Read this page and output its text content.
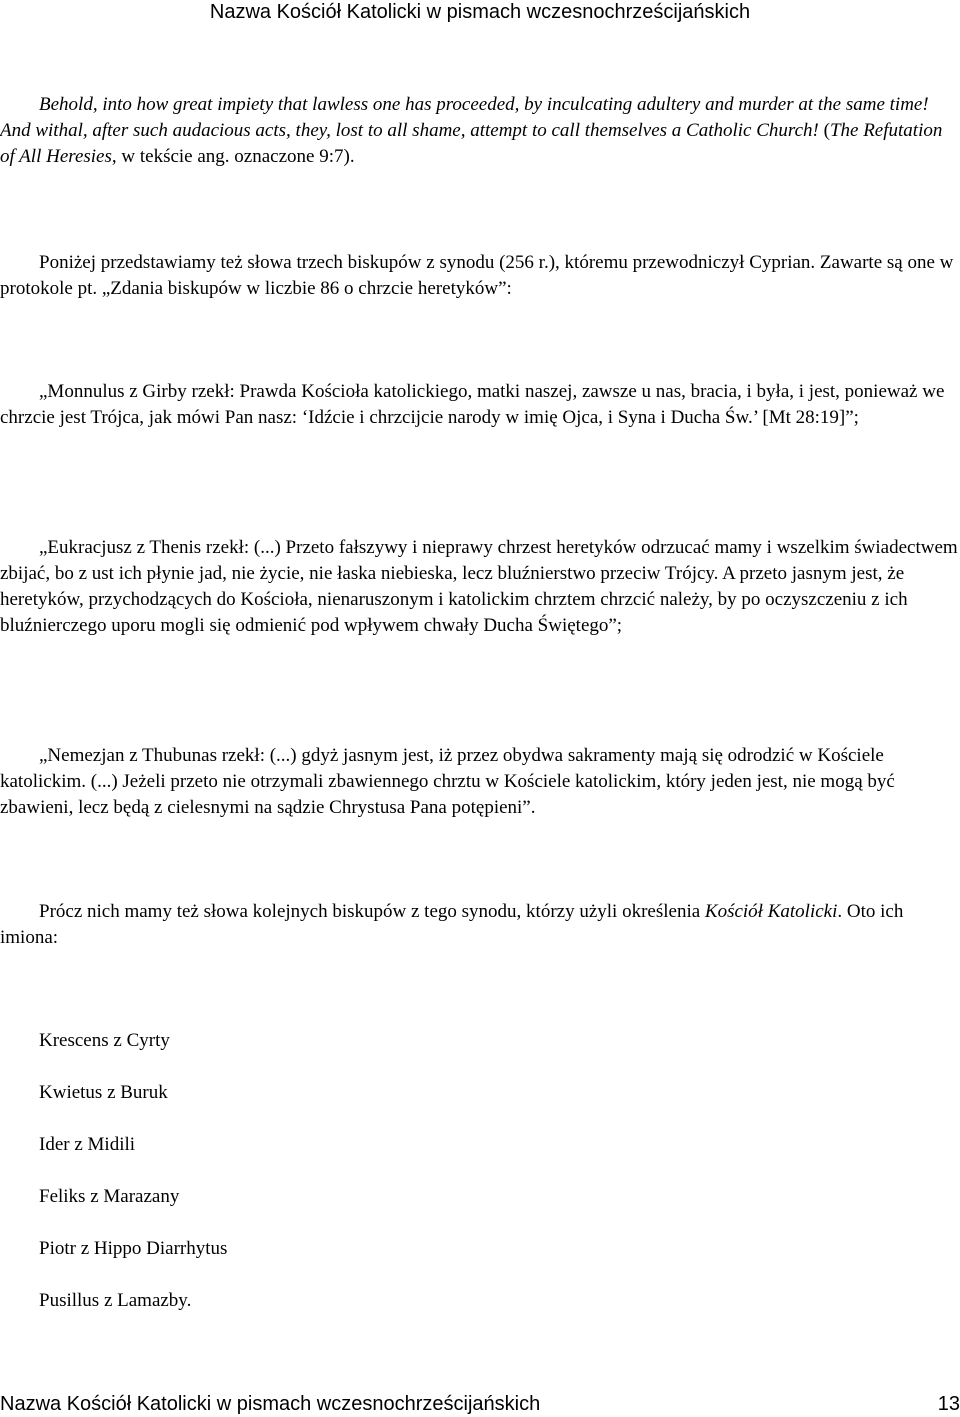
Nazwa Kościół Katolicki w pismach wczesnochrześcijańskich

Behold, into how great impiety that lawless one has proceeded, by inculcating adultery and murder at the same time! And withal, after such audacious acts, they, lost to all shame, attempt to call themselves a Catholic Church! (The Refutation of All Heresies, w tekście ang. oznaczone 9:7).

Poniżej przedstawiamy też słowa trzech biskupów z synodu (256 r.), któremu przewodniczył Cyprian. Zawarte są one w protokole pt. „Zdania biskupów w liczbie 86 o chrzcie heretyków”:

„Monnulus z Girby rzekł: Prawda Kościoła katolickiego, matki naszej, zawsze u nas, bracia, i była, i jest, ponieważ we chrzcie jest Trójca, jak mówi Pan nasz: ‘Idźcie i chrzcijcie narody w imię Ojca, i Syna i Ducha Św.’ [Mt 28:19]”;

„Eukracjusz z Thenis rzekł: (...) Przeto fałszywy i nieprawy chrzest heretyków odrzucać mamy i wszelkim świadectwem zbijać, bo z ust ich płynie jad, nie życie, nie łaska niebieska, lecz bluźnierstwo przeciw Trójcy. A przeto jasnym jest, że heretyków, przychodzących do Kościoła, nienaruszonym i katolickim chrztem chrzcić należy, by po oczyszczeniu z ich bluźnierczego uporu mogli się odmienić pod wpływem chwały Ducha Świętego”;

„Nemezjan z Thubunas rzekł: (...) gdyż jasnym jest, iż przez obydwa sakramenty mają się odrodzić w Kościele katolickim. (...) Jeżeli przeto nie otrzymali zbawiennego chrztu w Kościele katolickim, który jeden jest, nie mogą być zbawieni, lecz będą z cielesnymi na sądzie Chrystusa Pana potępieni”.

Prócz nich mamy też słowa kolejnych biskupów z tego synodu, którzy użyli określenia Kościół Katolicki. Oto ich imiona:

Krescens z Cyrty
Kwietus z Buruk
Ider z Midili
Feliks z Marazany
Piotr z Hippo Diarrhytus
Pusillus z Lamazby.
Nazwa Kościół Katolicki w pismach wczesnochrześcijańskich	13
